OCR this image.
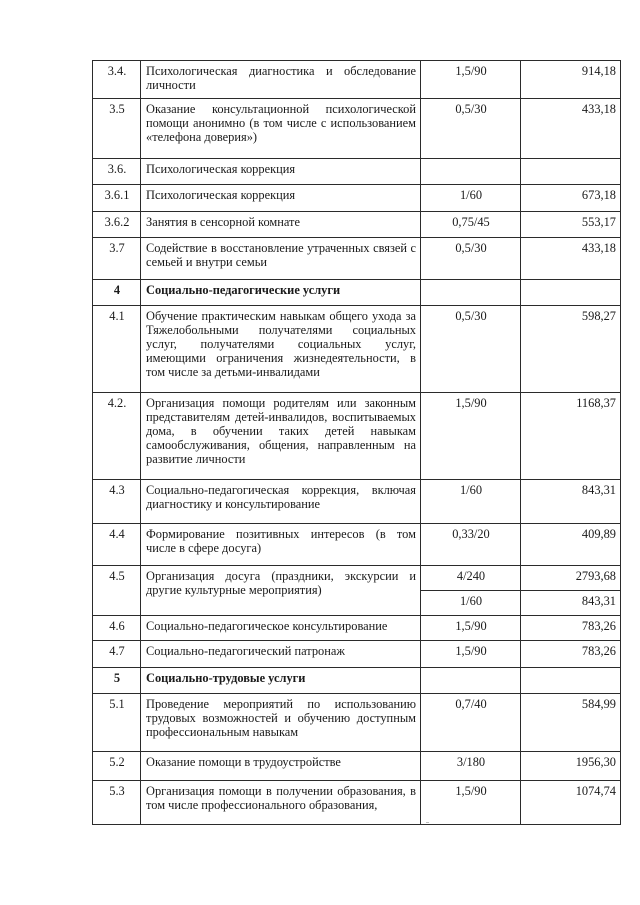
3.4.	Психологическая диагностика и обследование личности	1,5/90	914,18
3.5	Оказание консультационной психологической помощи анонимно (в том числе с использованием «телефона доверия»)	0,5/30	433,18
3.6.	Психологическая коррекция		
3.6.1	Психологическая коррекция	1/60	673,18
3.6.2	Занятия в сенсорной комнате	0,75/45	553,17
3.7	Содействие в восстановление утраченных связей с семьей и внутри семьи	0,5/30	433,18
4	Социально-педагогические услуги		
4.1	Обучение практическим навыкам общего ухода за Тяжелобольными получателями социальных услуг, получателями социальных услуг, имеющими ограничения жизнедеятельности, в том числе за детьми-инвалидами	0,5/30	598,27
4.2.	Организация помощи родителям или законным представителям детей-инвалидов, воспитываемых дома, в обучении таких детей навыкам самообслуживания, общения, направленным на развитие личности	1,5/90	1168,37
4.3	Социально-педагогическая коррекция, включая диагностику и консультирование	1/60	843,31
4.4	Формирование позитивных интересов (в том числе в сфере досуга)	0,33/20	409,89
4.5	Организация досуга (праздники, экскурсии и другие культурные мероприятия)	4/240	2793,68
		1/60	843,31
4.6	Социально-педагогическое консультирование	1,5/90	783,26
4.7	Социально-педагогический патронаж	1,5/90	783,26
5	Социально-трудовые услуги		
5.1	Проведение мероприятий по использованию трудовых возможностей и обучению доступным профессиональным навыкам	0,7/40	584,99
5.2	Оказание помощи в трудоустройстве	3/180	1956,30
5.3	Организация помощи в получении образования, в том числе профессионального образования,	1,5/90	1074,74
